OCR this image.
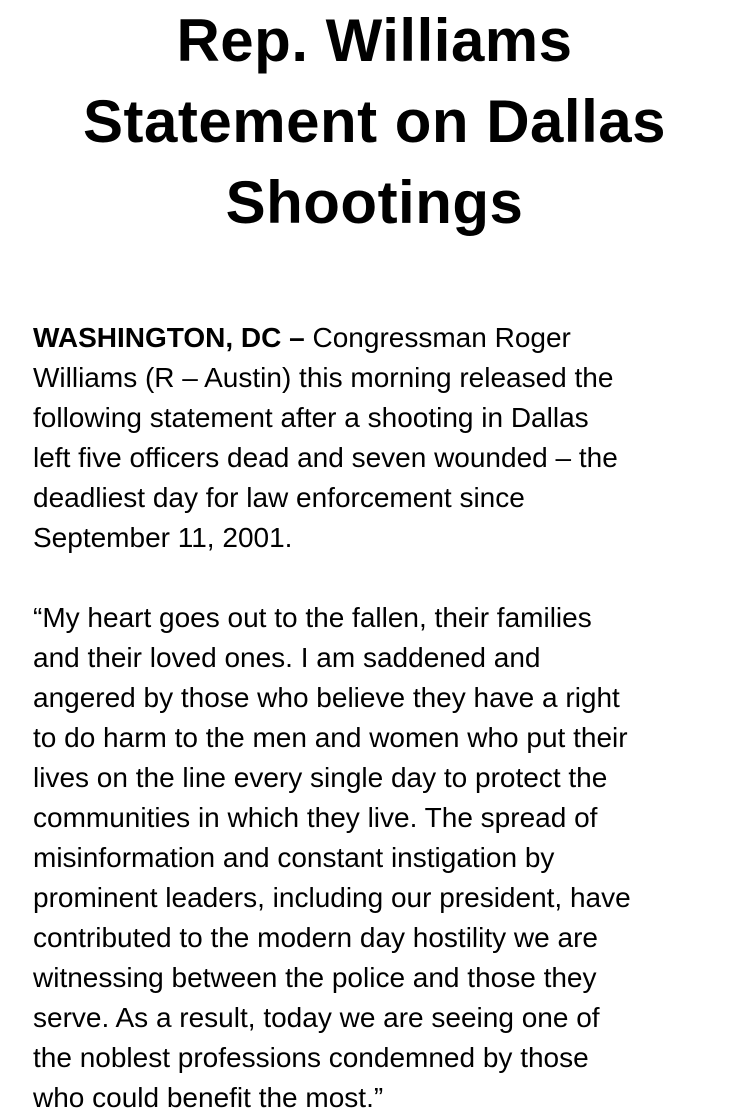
Rep. Williams
Statement on Dallas
Shootings

WASHINGTON, DC – Congressman Roger
Williams (R – Austin) this morning released the
following statement after a shooting in Dallas
left five officers dead and seven wounded – the
deadliest day for law enforcement since
September 11, 2001.

“My heart goes out to the fallen, their families
and their loved ones. I am saddened and
angered by those who believe they have a right
to do harm to the men and women who put their
lives on the line every single day to protect the
communities in which they live. The spread of
misinformation and constant instigation by
prominent leaders, including our president, have
contributed to the modern day hostility we are
witnessing between the police and those they
serve. As a result, today we are seeing one of
the noblest professions condemned by those
who could benefit the most.”
